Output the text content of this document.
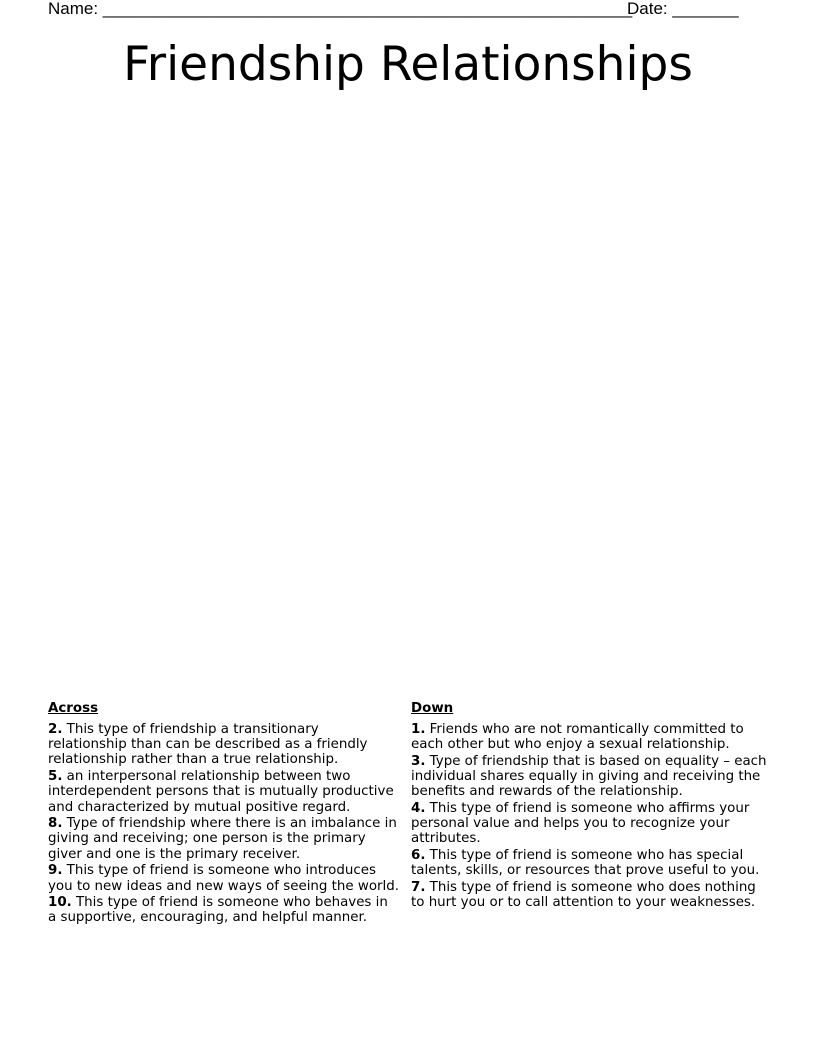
Name: ________________________________________________________
Date: _______
Friendship Relationships
Across
2. This type of friendship a transitionary relationship than can be described as a friendly relationship rather than a true relationship.
5. an interpersonal relationship between two interdependent persons that is mutually productive and characterized by mutual positive regard.
8. Type of friendship where there is an imbalance in giving and receiving; one person is the primary giver and one is the primary receiver.
9. This type of friend is someone who introduces you to new ideas and new ways of seeing the world.
10. This type of friend is someone who behaves in a supportive, encouraging, and helpful manner.
Down
1. Friends who are not romantically committed to each other but who enjoy a sexual relationship.
3. Type of friendship that is based on equality – each individual shares equally in giving and receiving the benefits and rewards of the relationship.
4. This type of friend is someone who affirms your personal value and helps you to recognize your attributes.
6. This type of friend is someone who has special talents, skills, or resources that prove useful to you.
7. This type of friend is someone who does nothing to hurt you or to call attention to your weaknesses.
